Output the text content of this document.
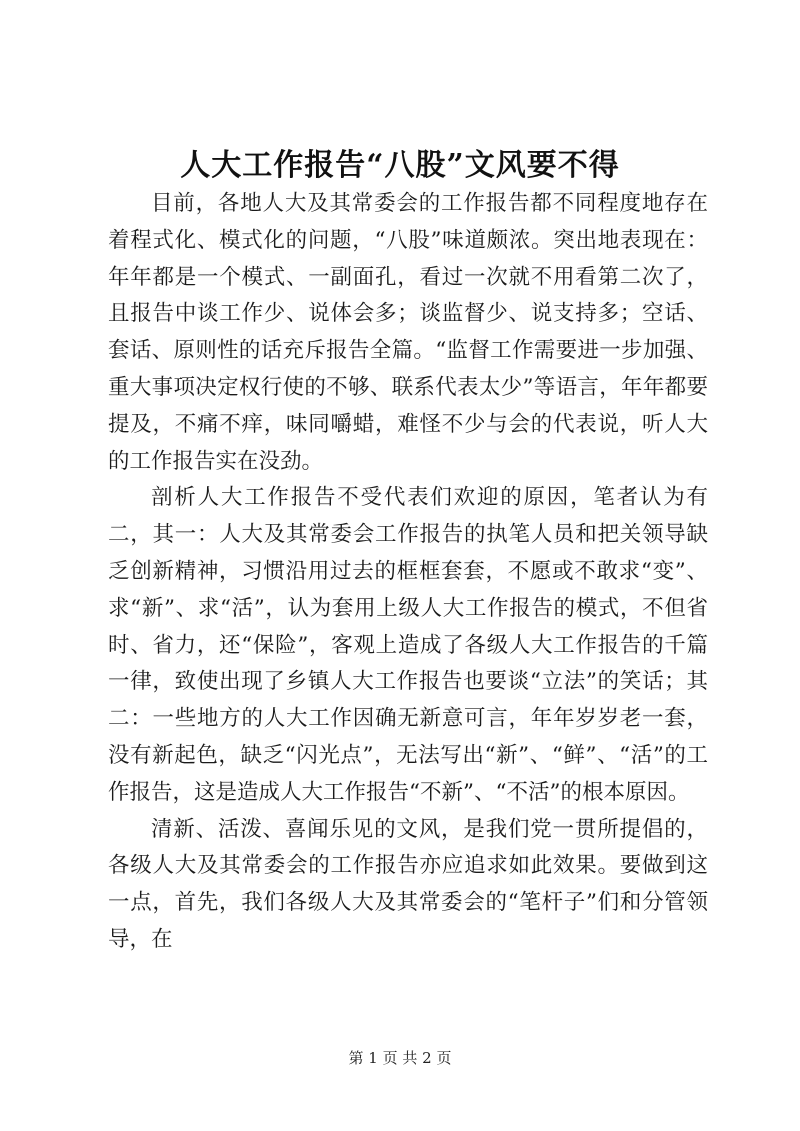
人大工作报告“八股”文风要不得

目前，各地人大及其常委会的工作报告都不同程度地存在着程式化、模式化的问题，“八股”味道颇浓。突出地表现在：年年都是一个模式、一副面孔，看过一次就不用看第二次了，且报告中谈工作少、说体会多；谈监督少、说支持多；空话、套话、原则性的话充斥报告全篇。“监督工作需要进一步加强、重大事项决定权行使的不够、联系代表太少”等语言，年年都要提及，不痛不痒，味同嚼蜡，难怪不少与会的代表说，听人大的工作报告实在没劲。

剖析人大工作报告不受代表们欢迎的原因，笔者认为有二，其一：人大及其常委会工作报告的执笔人员和把关领导缺乏创新精神，习惯沿用过去的框框套套，不愿或不敢求“变”、求“新”、求“活”，认为套用上级人大工作报告的模式，不但省时、省力，还“保险”，客观上造成了各级人大工作报告的千篇一律，致使出现了乡镇人大工作报告也要谈“立法”的笑话；其二：一些地方的人大工作因确无新意可言，年年岁岁老一套，没有新起色，缺乏“闪光点”，无法写出“新”、“鲜”、“活”的工作报告，这是造成人大工作报告“不新”、“不活”的根本原因。

清新、活泼、喜闻乐见的文风，是我们党一贯所提倡的，各级人大及其常委会的工作报告亦应追求如此效果。要做到这一点，首先，我们各级人大及其常委会的“笔杆子”们和分管领导，在

第 1 页 共 2 页
